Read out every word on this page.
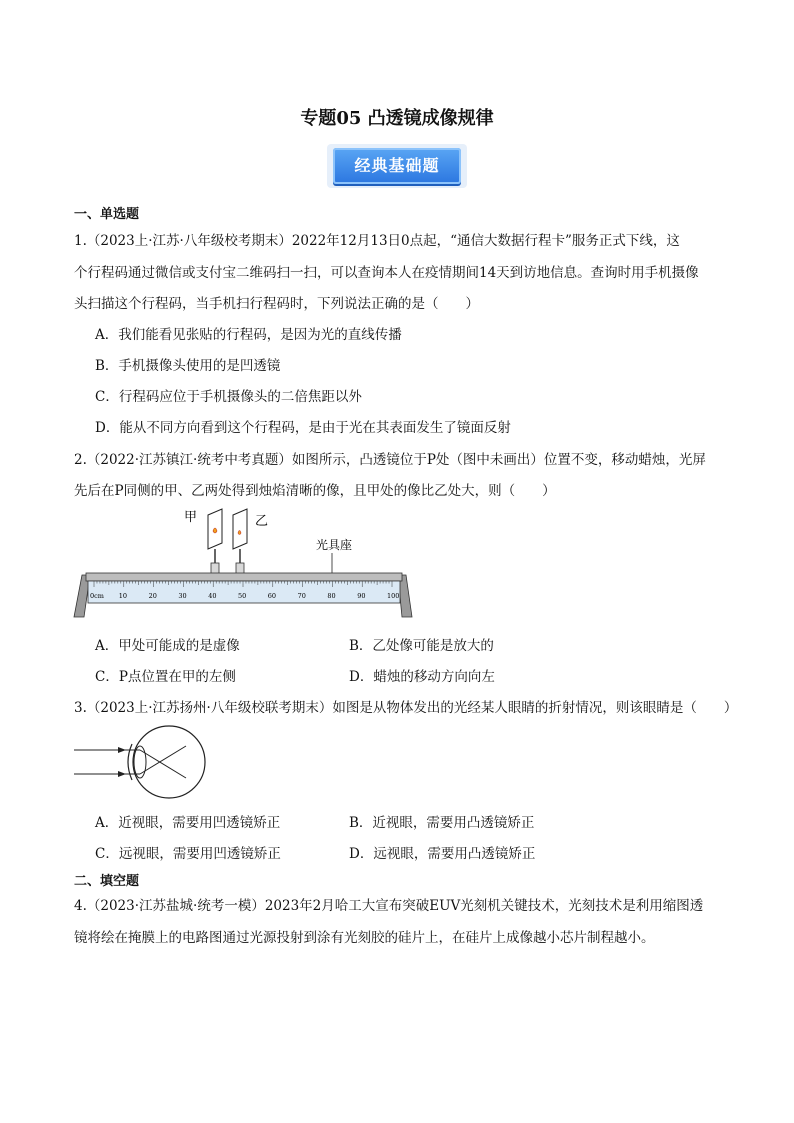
专题05 凸透镜成像规律
经典基础题
一、单选题
1.（2023上·江苏·八年级校考期末）2022年12月13日0点起，“通信大数据行程卡”服务正式下线，这
个行程码通过微信或支付宝二维码扫一扫，可以查询本人在疫情期间14天到访地信息。查询时用手机摄像
头扫描这个行程码，当手机扫行程码时，下列说法正确的是（　　）
A．我们能看见张贴的行程码，是因为光的直线传播
B．手机摄像头使用的是凹透镜
C．行程码应位于手机摄像头的二倍焦距以外
D．能从不同方向看到这个行程码，是由于光在其表面发生了镜面反射
2.（2022·江苏镇江·统考中考真题）如图所示，凸透镜位于P处（图中未画出）位置不变，移动蜡烛，光屏
先后在P同侧的甲、乙两处得到烛焰清晰的像，且甲处的像比乙处大，则（　　）
甲	乙
光具座
0cm 10	20	30	40	50	60	70	80	90	100
A．甲处可能成的是虚像	B．乙处像可能是放大的
C．P点位置在甲的左侧	D．蜡烛的移动方向向左
3.（2023上·江苏扬州·八年级校联考期末）如图是从物体发出的光经某人眼睛的折射情况，则该眼睛是（　　）
A．近视眼，需要用凹透镜矫正	B．近视眼，需要用凸透镜矫正
C．远视眼，需要用凹透镜矫正	D．远视眼，需要用凸透镜矫正
二、填空题
4.（2023·江苏盐城·统考一模）2023年2月哈工大宣布突破EUV光刻机关键技术，光刻技术是利用缩图透
镜将绘在掩膜上的电路图通过光源投射到涂有光刻胶的硅片上，在硅片上成像越小芯片制程越小。
